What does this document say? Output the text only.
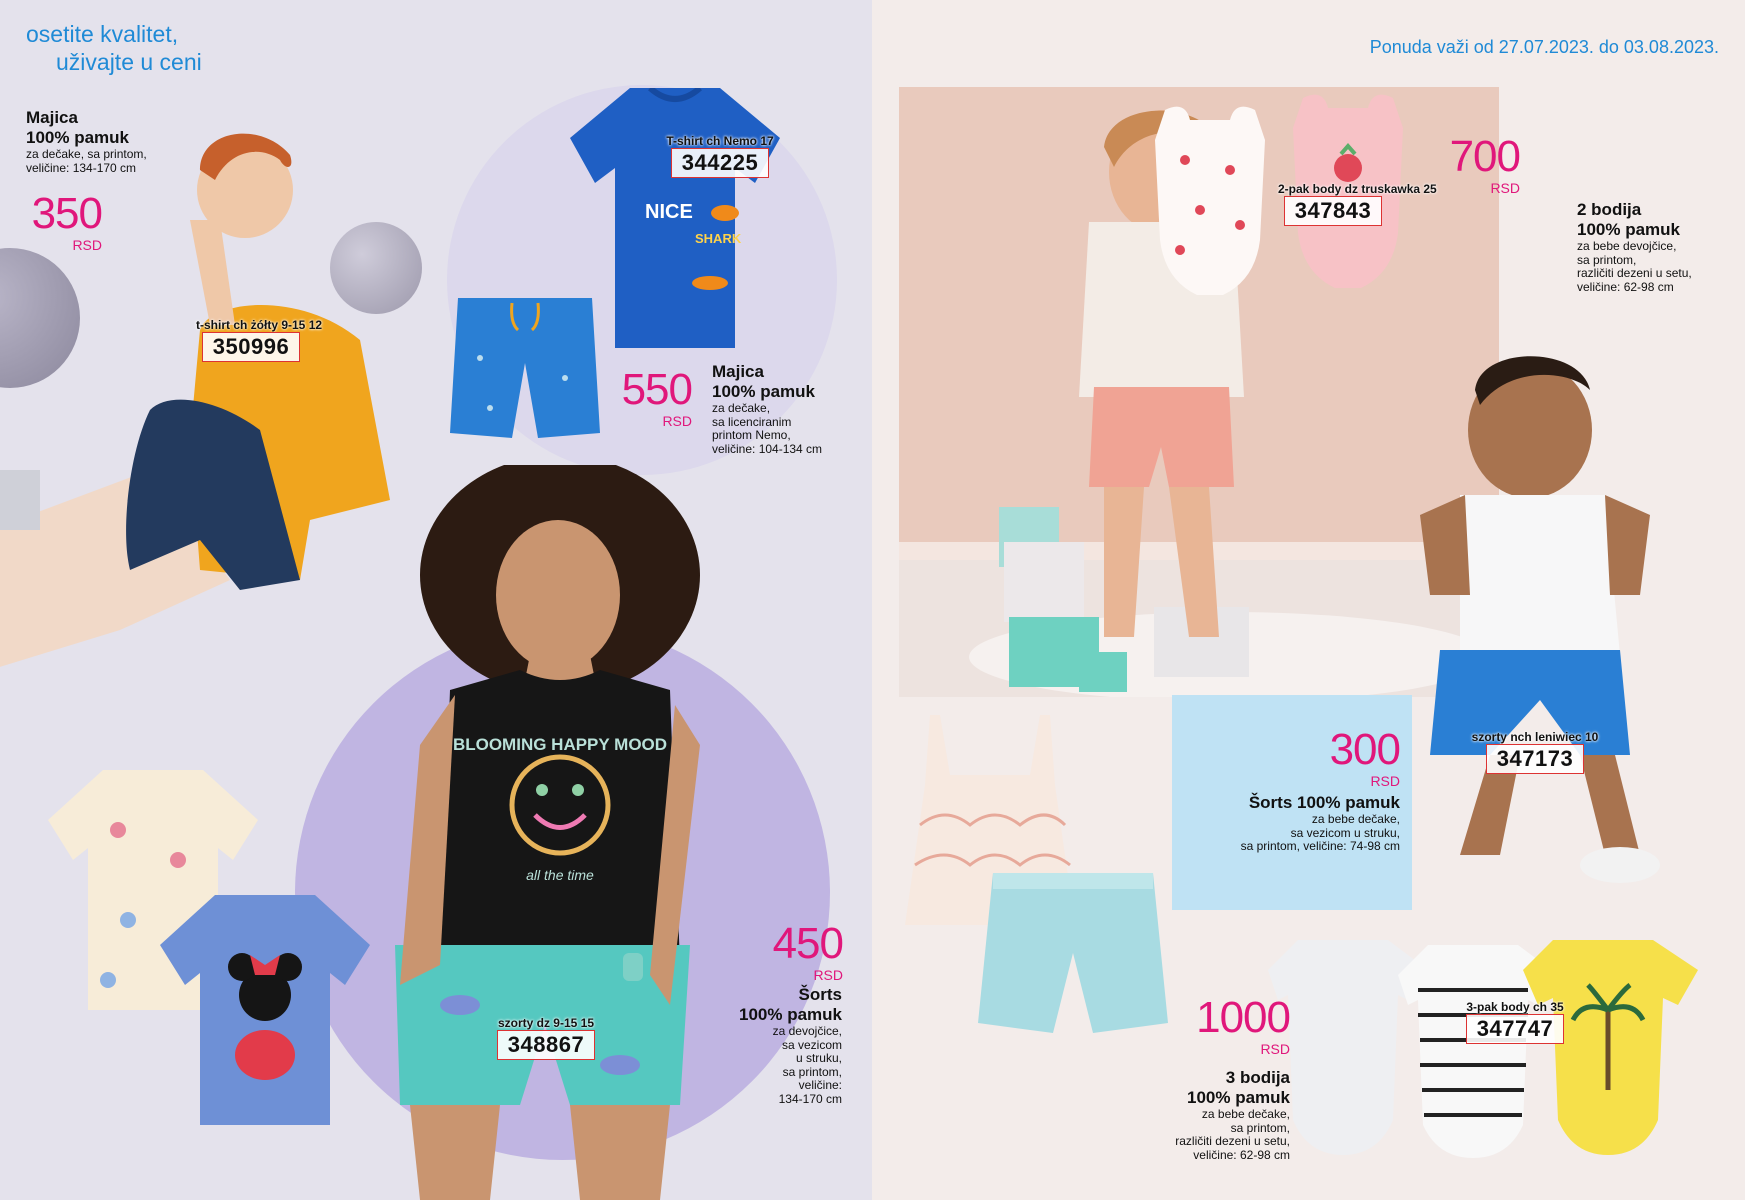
osetite kvalitet,
uživajte u ceni
Majica
100% pamuk
za dečake, sa printom,
veličine: 134-170 cm
350
RSD
t-shirt ch żółty 9-15 12
350996
NICE
SHARK
T-shirt ch Nemo 17
344225
550
RSD
Majica
100% pamuk
za dečake,
sa licenciranim
printom Nemo,
veličine: 104-134 cm
BLOOMING HAPPY MOOD
all the time
szorty dz 9-15 15
348867
450
RSD
Šorts
100% pamuk
za devojčice,
sa vezicom
u struku,
sa printom,
veličine:
134-170 cm
Ponuda važi od 27.07.2023. do 03.08.2023.
2-pak body dz truskawka 25
347843
700
RSD
2 bodija
100% pamuk
za bebe devojčice,
sa printom,
različiti dezeni u setu,
veličine: 62-98 cm
szorty nch leniwiec 10
347173
300
RSD
Šorts 100% pamuk
za bebe dečake,
sa vezicom u struku,
sa printom, veličine: 74-98 cm
3-pak body ch 35
347747
1000
RSD
3 bodija
100% pamuk
za bebe dečake,
sa printom,
različiti dezeni u setu,
veličine: 62-98 cm
